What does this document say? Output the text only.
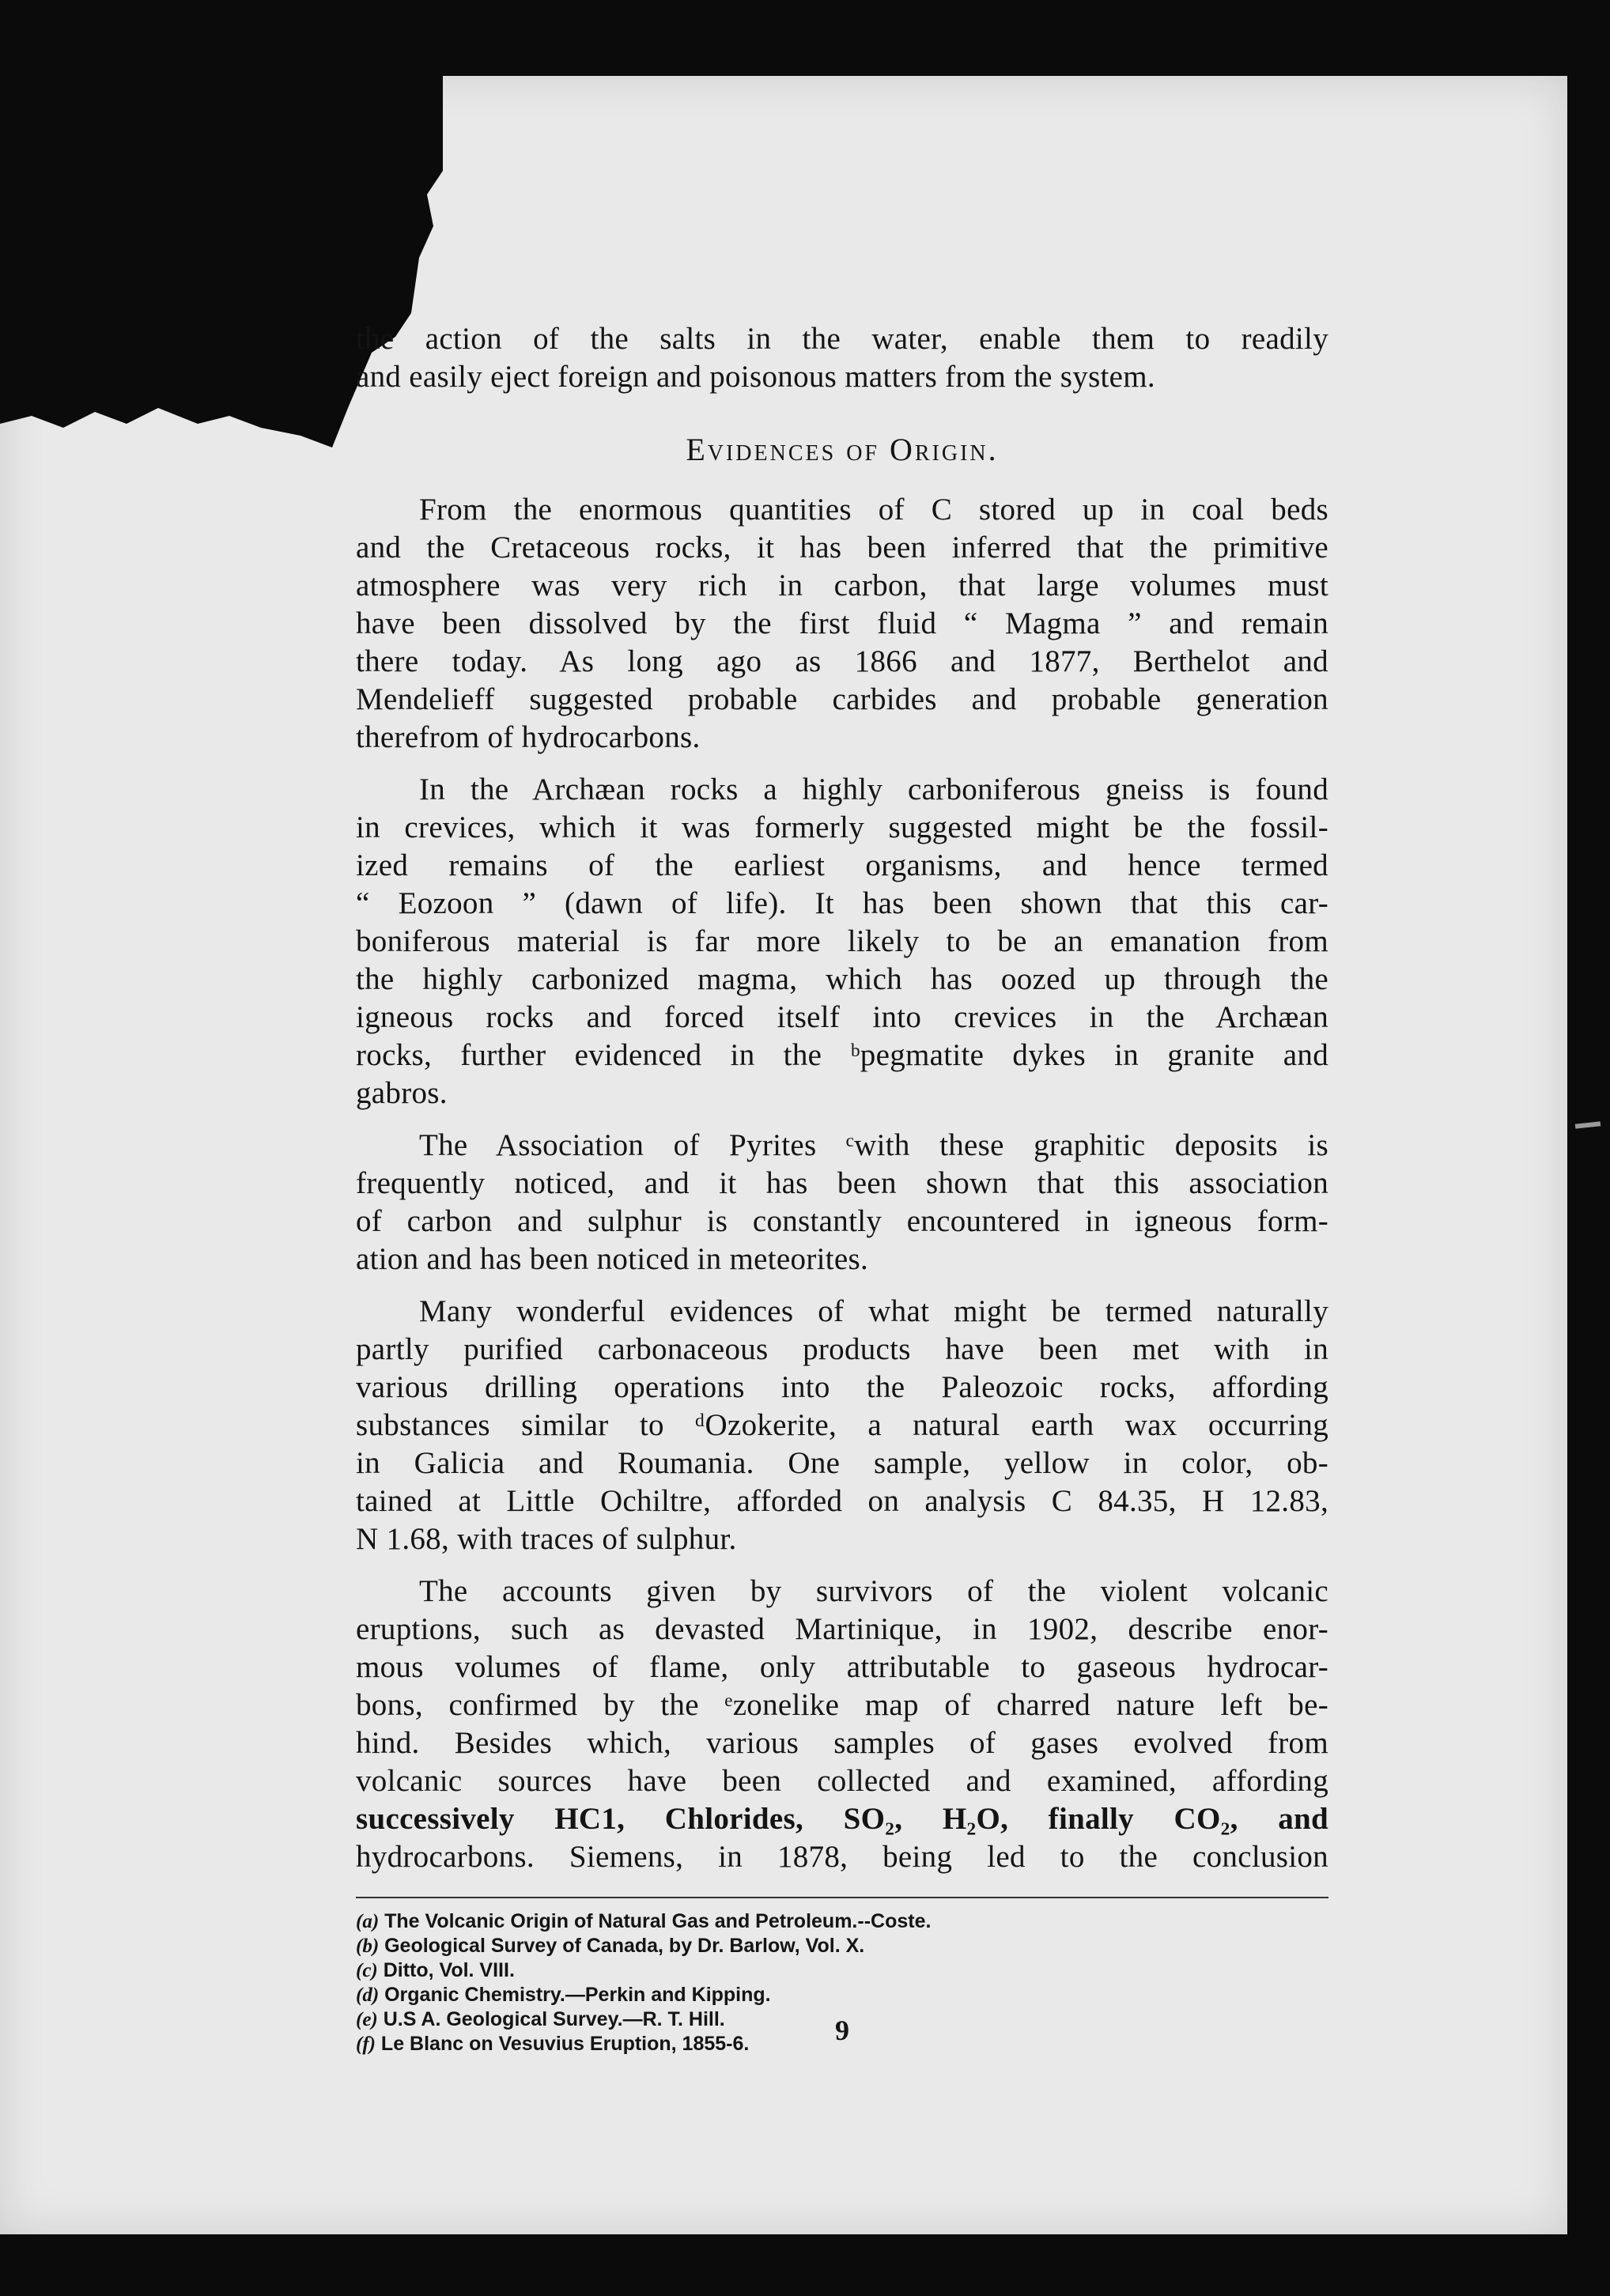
the action of the salts in the water, enable them to readily
and easily eject foreign and poisonous matters from the system.
Evidences of Origin.
From the enormous quantities of C stored up in coal beds
and the Cretaceous rocks, it has been inferred that the primitive
atmosphere was very rich in carbon, that large volumes must
have been dissolved by the first fluid “ Magma ” and remain
there today. As long ago as 1866 and 1877, Berthelot and
Mendelieff suggested probable carbides and probable generation
therefrom of hydrocarbons.
In the Archæan rocks a highly carboniferous gneiss is found
in crevices, which it was formerly suggested might be the fossil-
ized remains of the earliest organisms, and hence termed
“ Eozoon ” (dawn of life). It has been shown that this car-
boniferous material is far more likely to be an emanation from
the highly carbonized magma, which has oozed up through the
igneous rocks and forced itself into crevices in the Archæan
rocks, further evidenced in the ᵇpegmatite dykes in granite and
gabros.
The Association of Pyrites ᶜwith these graphitic deposits is
frequently noticed, and it has been shown that this association
of carbon and sulphur is constantly encountered in igneous form-
ation and has been noticed in meteorites.
Many wonderful evidences of what might be termed naturally
partly purified carbonaceous products have been met with in
various drilling operations into the Paleozoic rocks, affording
substances similar to ᵈOzokerite, a natural earth wax occurring
in Galicia and Roumania. One sample, yellow in color, ob-
tained at Little Ochiltre, afforded on analysis C 84.35, H 12.83,
N 1.68, with traces of sulphur.
The accounts given by survivors of the violent volcanic
eruptions, such as devasted Martinique, in 1902, describe enor-
mous volumes of flame, only attributable to gaseous hydrocar-
bons, confirmed by the ᵉzonelike map of charred nature left be-
hind. Besides which, various samples of gases evolved from
volcanic sources have been collected and examined, affording
successively HC1, Chlorides, SO₂, H₂O, finally CO₂, and
hydrocarbons. Siemens, in 1878, being led to the conclusion
(a) The Volcanic Origin of Natural Gas and Petroleum.--Coste.
(b) Geological Survey of Canada, by Dr. Barlow, Vol. X.
(c) Ditto, Vol. VIII.
(d) Organic Chemistry.—Perkin and Kipping.
(e) U.S A. Geological Survey.—R. T. Hill.
(f) Le Blanc on Vesuvius Eruption, 1855-6.	9
